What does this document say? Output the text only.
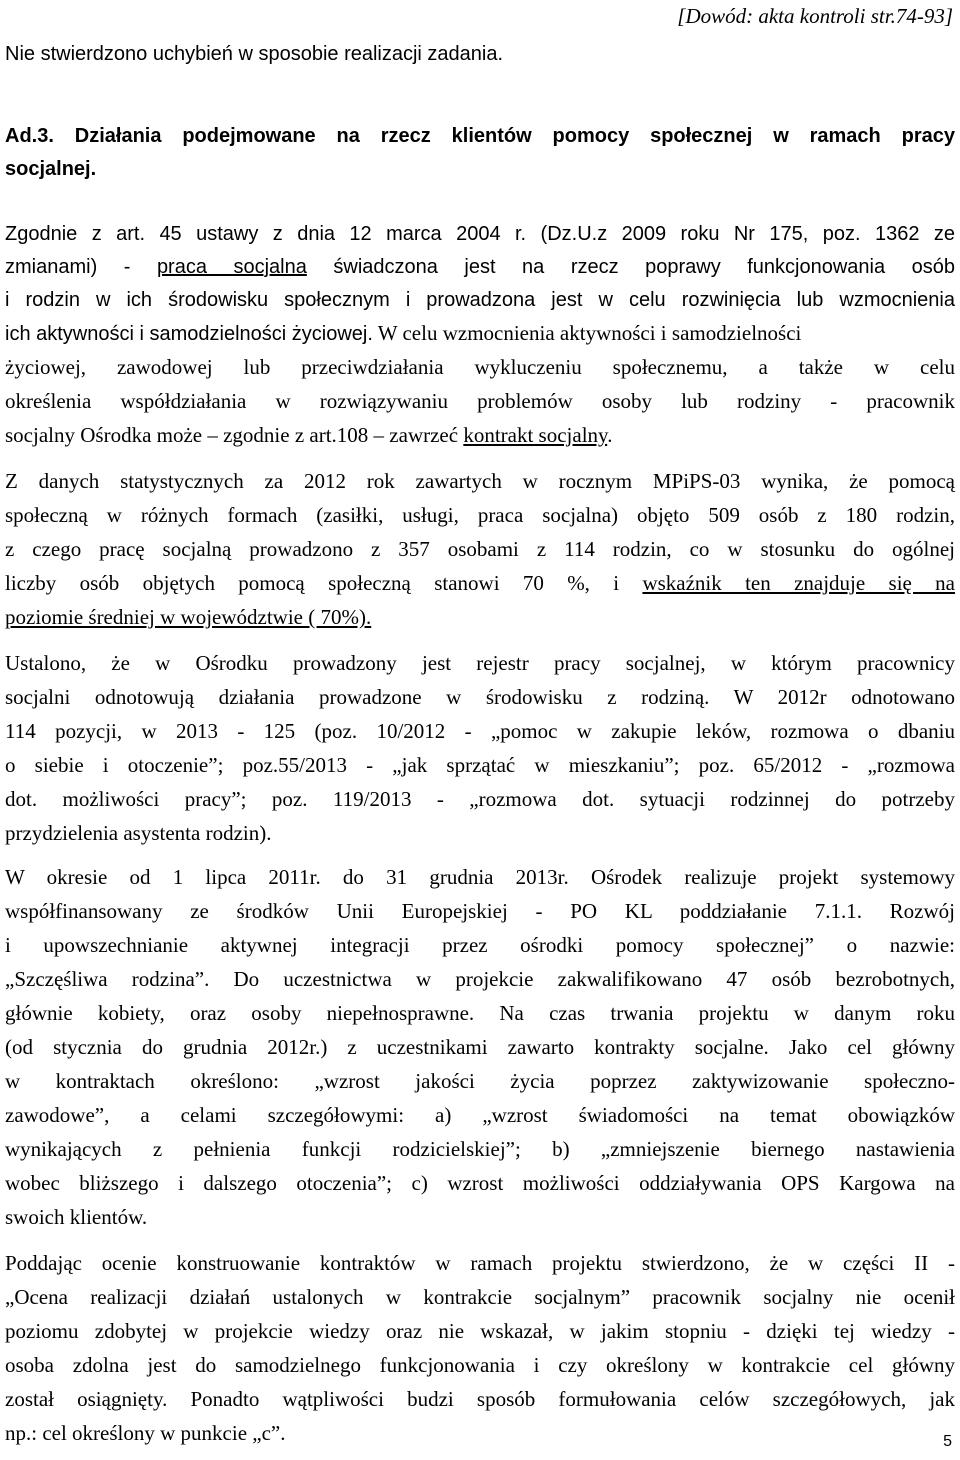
[Dowód: akta kontroli str.74-93]
Nie stwierdzono uchybień w sposobie realizacji zadania.
Ad.3. Działania podejmowane na rzecz klientów pomocy społecznej w ramach pracy
socjalnej.
Zgodnie z art. 45 ustawy z dnia 12 marca 2004 r. (Dz.U.z 2009 roku Nr 175, poz. 1362 ze
zmianami) - praca socjalna świadczona jest na rzecz poprawy funkcjonowania osób
i rodzin w ich środowisku społecznym i prowadzona jest w celu rozwinięcia lub wzmocnienia
ich aktywności i samodzielności życiowej. W celu wzmocnienia aktywności i samodzielności
życiowej, zawodowej lub przeciwdziałania wykluczeniu społecznemu, a także w celu
określenia współdziałania w rozwiązywaniu problemów osoby lub rodziny - pracownik
socjalny Ośrodka może – zgodnie z art.108 – zawrzeć kontrakt socjalny.
Z danych statystycznych za 2012 rok zawartych w rocznym MPiPS-03 wynika, że pomocą
społeczną w różnych formach (zasiłki, usługi, praca socjalna) objęto 509 osób z 180 rodzin,
z czego pracę socjalną prowadzono z 357 osobami z 114 rodzin, co w stosunku do ogólnej
liczby osób objętych pomocą społeczną stanowi 70 %, i wskaźnik ten znajduje się na
poziomie średniej w województwie ( 70%).
Ustalono, że w Ośrodku prowadzony jest rejestr pracy socjalnej, w którym pracownicy
socjalni odnotowują działania prowadzone w środowisku z rodziną. W 2012r odnotowano
114 pozycji, w 2013 - 125 (poz. 10/2012 - „pomoc w zakupie leków, rozmowa o dbaniu
o siebie i otoczenie”; poz.55/2013 - „jak sprzątać w mieszkaniu”; poz. 65/2012 - „rozmowa
dot. możliwości pracy”; poz. 119/2013 - „rozmowa dot. sytuacji rodzinnej do potrzeby
przydzielenia asystenta rodzin).
W okresie od 1 lipca 2011r. do 31 grudnia 2013r. Ośrodek realizuje projekt systemowy
współfinansowany ze środków Unii Europejskiej - PO KL poddziałanie 7.1.1. Rozwój
i upowszechnianie aktywnej integracji przez ośrodki pomocy społecznej” o nazwie:
„Szczęśliwa rodzina”. Do uczestnictwa w projekcie zakwalifikowano 47 osób bezrobotnych,
głównie kobiety, oraz osoby niepełnosprawne. Na czas trwania projektu w danym roku
(od stycznia do grudnia 2012r.) z uczestnikami zawarto kontrakty socjalne. Jako cel główny
w kontraktach określono: „wzrost jakości życia poprzez zaktywizowanie społeczno-
zawodowe”, a celami szczegółowymi: a) „wzrost świadomości na temat obowiązków
wynikających z pełnienia funkcji rodzicielskiej”; b) „zmniejszenie biernego nastawienia
wobec bliższego i dalszego otoczenia”; c) wzrost możliwości oddziaływania OPS Kargowa na
swoich klientów.
Poddając ocenie konstruowanie kontraktów w ramach projektu stwierdzono, że w części II -
„Ocena realizacji działań ustalonych w kontrakcie socjalnym” pracownik socjalny nie ocenił
poziomu zdobytej w projekcie wiedzy oraz nie wskazał, w jakim stopniu - dzięki tej wiedzy -
osoba zdolna jest do samodzielnego funkcjonowania i czy określony w kontrakcie cel główny
został osiągnięty. Ponadto wątpliwości budzi sposób formułowania celów szczegółowych, jak
np.: cel określony w punkcie „c”.	5
